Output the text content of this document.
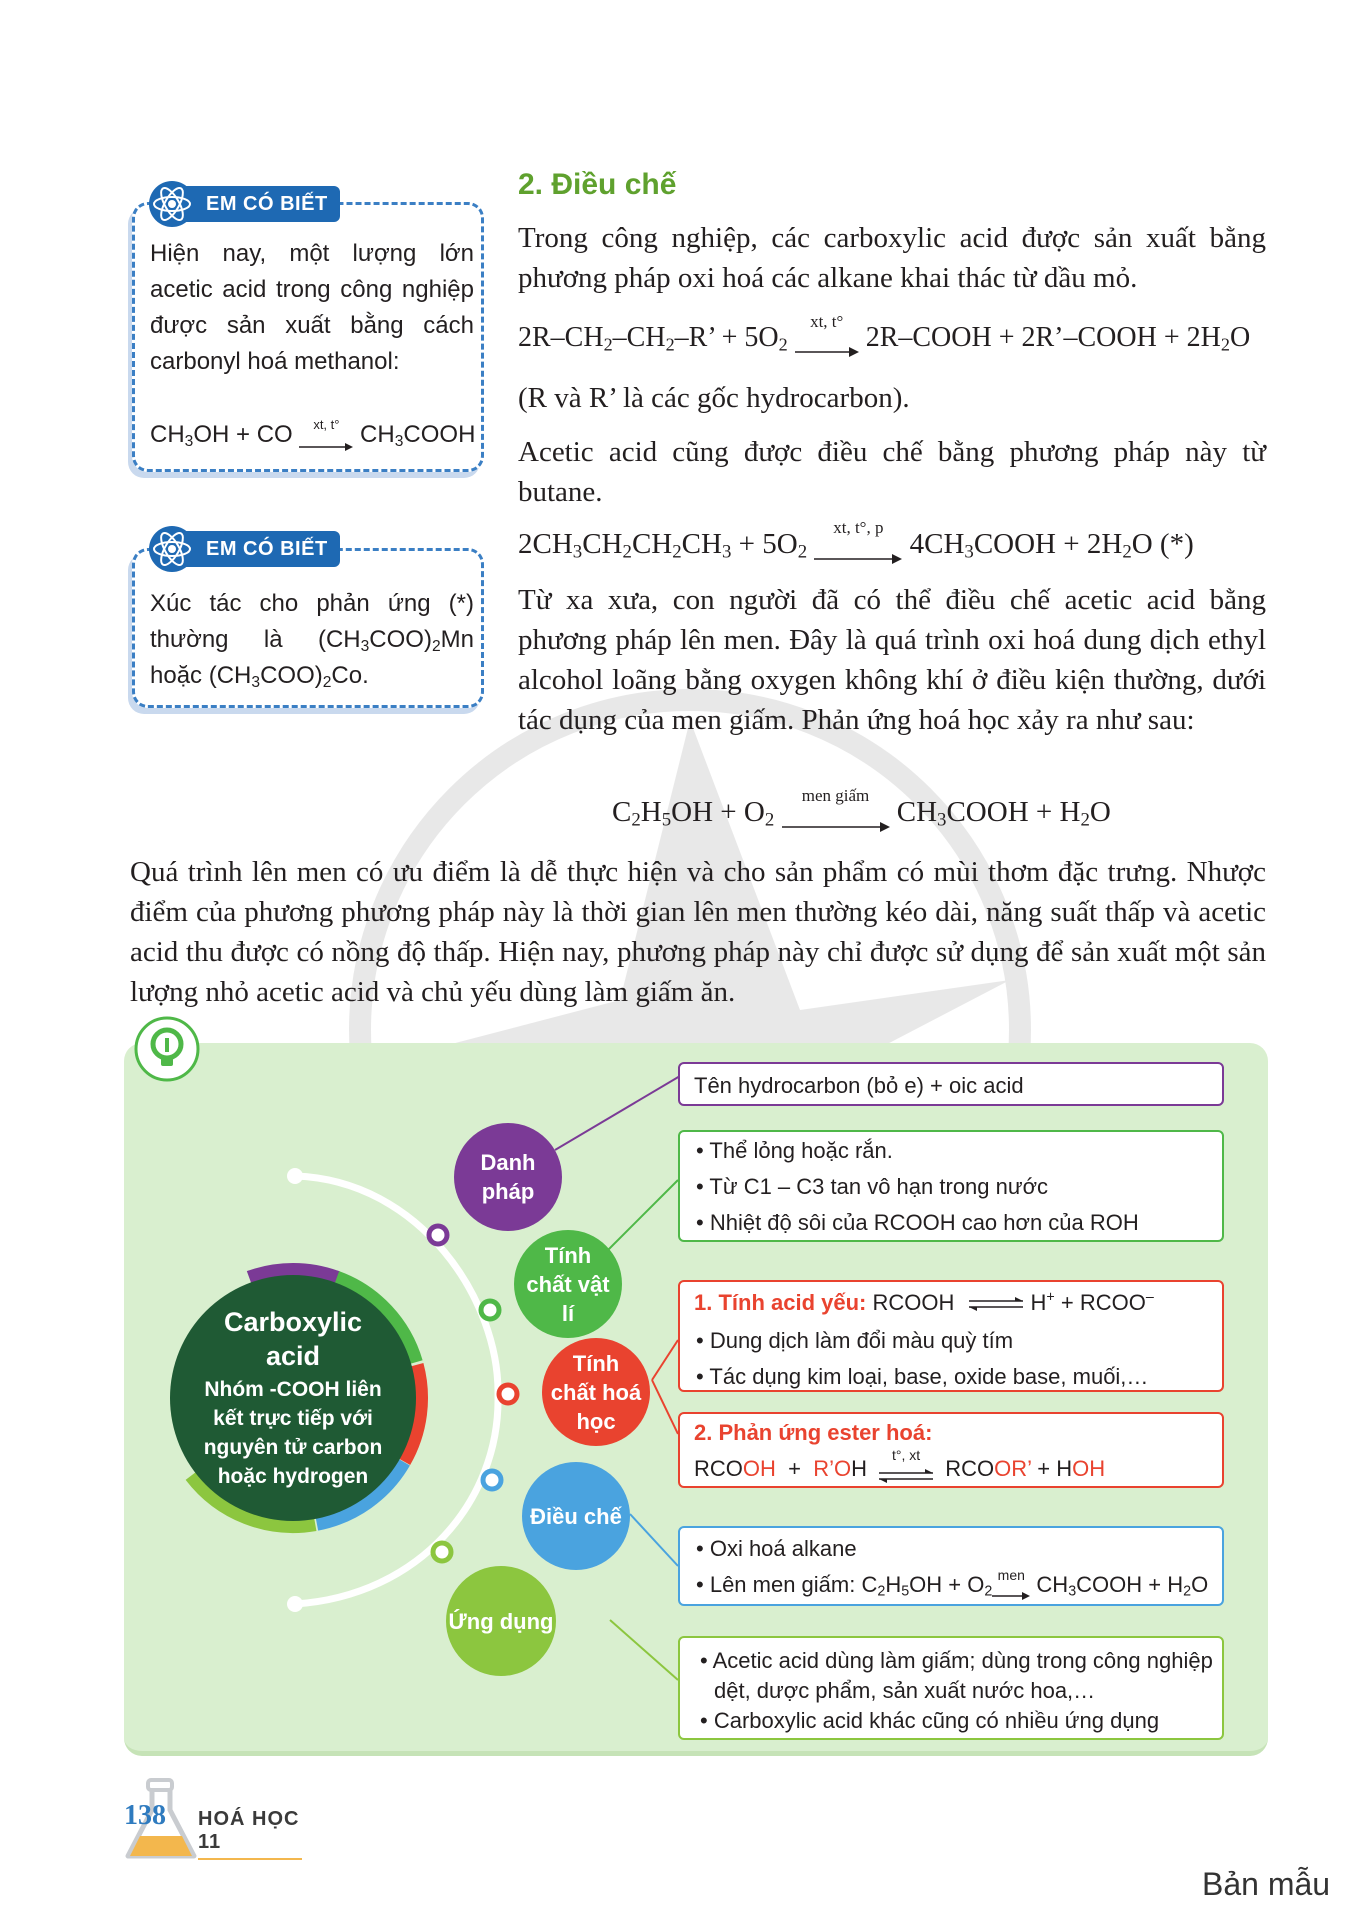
EM CÓ BIẾT
Hiện nay, một lượng lớn acetic acid trong công nghiệp được sản xuất bằng cách carbonyl hoá methanol:
$CH_3OH$ + CO	xt, t° $CH_3COOH$
EM CÓ BIẾT
Xúc tác cho phản ứng (*) thường là $(CH_3COO)_2Mn$ hoặc $(CH_3COO)_2Co$.
2. Điều chế
Trong công nghiệp, các carboxylic acid được sản xuất bằng phương pháp oxi hoá các alkane khai thác từ dầu mỏ.
$2R-CH_2-CH_2-R$’ + $5O_2$
xt, t°
2R–COOH + 2R’–COOH + $2H_2O$
(R và R’ là các gốc hydrocarbon).
Acetic acid cũng được điều chế bằng phương pháp này từ butane.
$2CH_3CH_2CH_2CH_3 + 5O_2$
xt, t°, p
$4CH_3COOH + 2H_2O$ (*)
Từ xa xưa, con người đã có thể điều chế acetic acid bằng phương pháp lên men. Đây là quá trình oxi hoá dung dịch ethyl alcohol loãng bằng oxygen không khí ở điều kiện thường, dưới tác dụng của men giấm. Phản ứng hoá học xảy ra như sau:
$C_2H_5OH + O_2$
men giấm
$CH_3COOH + H_2O$
Quá trình lên men có ưu điểm là dễ thực hiện và cho sản phẩm có mùi thơm đặc trưng. Nhược điểm của phương phương pháp này là thời gian lên men thường kéo dài, năng suất thấp và acetic acid thu được có nồng độ thấp. Hiện nay, phương pháp này chỉ được sử dụng để sản xuất một sản lượng nhỏ acetic acid và chủ yếu dùng làm giấm ăn.
Carboxylic acid
Nhóm -COOH liên kết trực tiếp với nguyên tử carbon hoặc hydrogen
Danh pháp
Tính chất vật lí
Tính chất hoá học
Điều chế
Ứng dụng
Tên hydrocarbon (bỏ e) + oic acid
• Thể lỏng hoặc rắn.
• Từ C1 – C3 tan vô hạn trong nước
• Nhiệt độ sôi của RCOOH cao hơn của ROH
1. Tính acid yếu: RCOOH ⇌ H+ + RCOO–
• Dung dịch làm đổi màu quỳ tím
• Tác dụng kim loại, base, oxide base, muối,…
2. Phản ứng ester hoá:
RCOOH  +  R’OH
t°, xt
RCOOR’ + HOH
• Oxi hoá alkane
• Lên men giấm: $C_2H_5OH + O_2$
men $CH_3COOH + H_2O$
• Acetic acid dùng làm giấm; dùng trong công nghiệp dệt, dược phẩm, sản xuất nước hoa,…
• Carboxylic acid khác cũng có nhiều ứng dụng
138 HOÁ HỌC 11
Bản mẫu
